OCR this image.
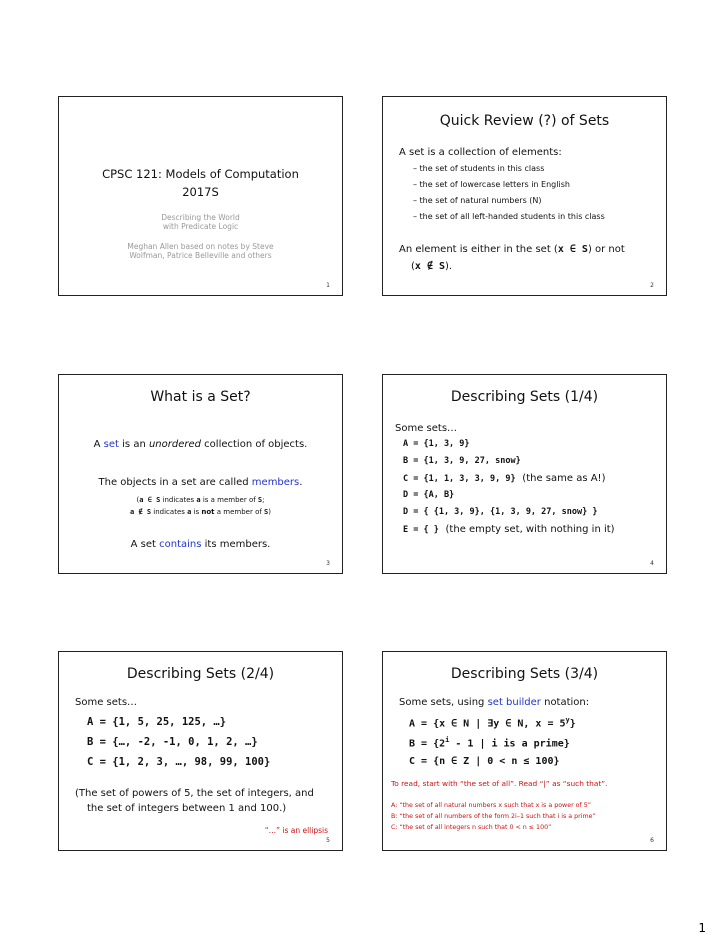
CPSC 121: Models of Computation
2017S
Describing the World
with Predicate Logic
Meghan Allen based on notes by Steve
Wolfman, Patrice Belleville and others
1
Quick Review (?) of Sets
A set is a collection of elements:
– the set of students in this class
– the set of lowercase letters in English
– the set of natural numbers (N)
– the set of all left-handed students in this class
An element is either in the set (x ∈ S) or not
(x ∉ S).
2
What is a Set?
A set is an unordered collection of objects.
The objects in a set are called members.
(a ∈ S indicates a is a member of S;
a ∉ S indicates a is not a member of S)
A set contains its members.
3
Describing Sets (1/4)
Some sets…
A = {1, 3, 9}
B = {1, 3, 9, 27, snow}
C = {1, 1, 3, 3, 9, 9} (the same as A!)
D = {A, B}
D = { {1, 3, 9}, {1, 3, 9, 27, snow} }
E = { } (the empty set, with nothing in it)
4
Describing Sets (2/4)
Some sets…
A = {1, 5, 25, 125, …}
B = {…, -2, -1, 0, 1, 2, …}
C = {1, 2, 3, …, 98, 99, 100}
(The set of powers of 5, the set of integers, and
the set of integers between 1 and 100.)
“…” is an ellipsis
5
Describing Sets (3/4)
Some sets, using set builder notation:
A = {x ∈ N | ∃y ∈ N, $x = 5^y$}
$B = \{2^i - 1$ | i is a prime}
C = {n ∈ Z | 0 < n ≤ 100}
To read, start with “the set of all”. Read “|” as “such that”.
A: “the set of all natural numbers x such that x is a power of 5”
B: “the set of all numbers of the form 2i–1 such that i is a prime”
C: “the set of all integers n such that 0 < n ≤ 100”
6
1
